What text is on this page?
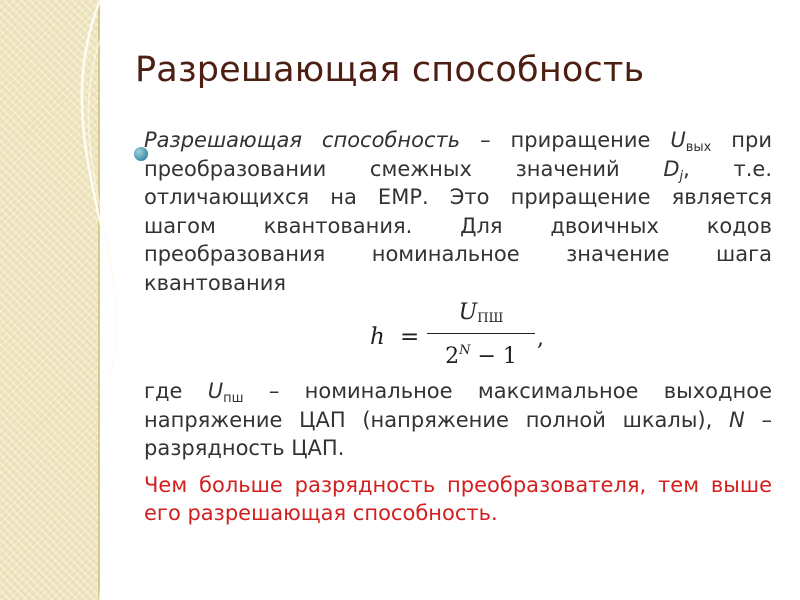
Разрешающая способность

Разрешающая способность – приращение $U_{вых}$ при преобразовании смежных значений $D_j$, т.е. отличающихся на ЕМР. Это приращение является шагом квантования. Для двоичных кодов преобразования номинальное значение шага квантования

h =
$U_{ПШ}$
$2^N - 1$
,

где $U_{пш}$ – номинальное максимальное выходное напряжение ЦАП (напряжение полной шкалы), N – разрядность ЦАП.

Чем больше разрядность преобразователя, тем выше его разрешающая способность.
